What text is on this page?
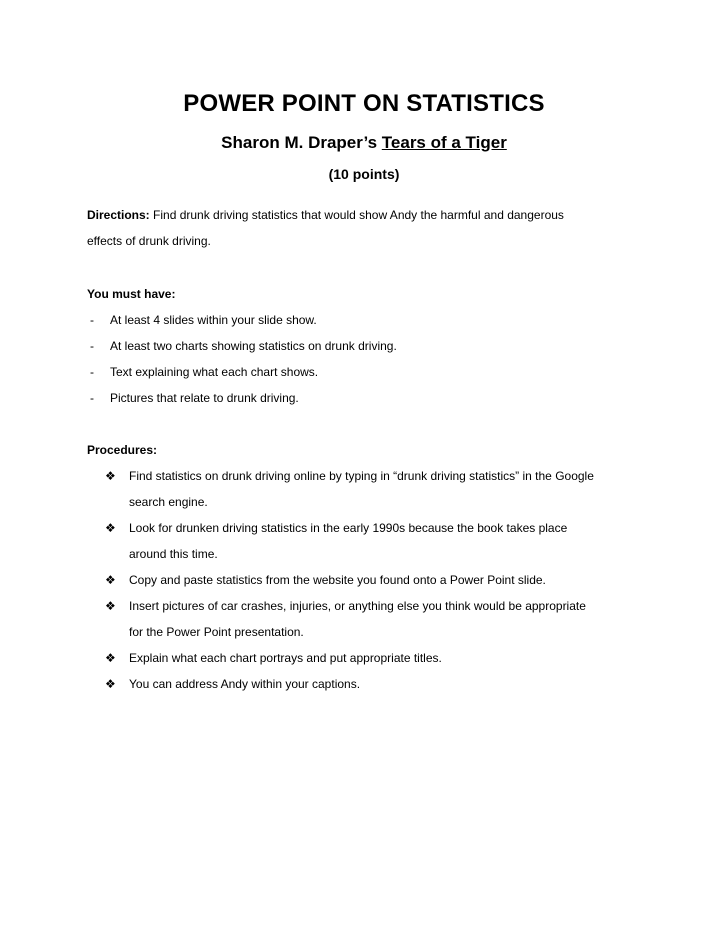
POWER POINT ON STATISTICS
Sharon M. Draper’s Tears of a Tiger
(10 points)
Directions: Find drunk driving statistics that would show Andy the harmful and dangerous
effects of drunk driving.
You must have:
- At least 4 slides within your slide show.
- At least two charts showing statistics on drunk driving.
- Text explaining what each chart shows.
- Pictures that relate to drunk driving.
Procedures:
❖ Find statistics on drunk driving online by typing in “drunk driving statistics” in the Google
search engine.
❖ Look for drunken driving statistics in the early 1990s because the book takes place
around this time.
❖ Copy and paste statistics from the website you found onto a Power Point slide.
❖ Insert pictures of car crashes, injuries, or anything else you think would be appropriate
for the Power Point presentation.
❖ Explain what each chart portrays and put appropriate titles.
❖ You can address Andy within your captions.
